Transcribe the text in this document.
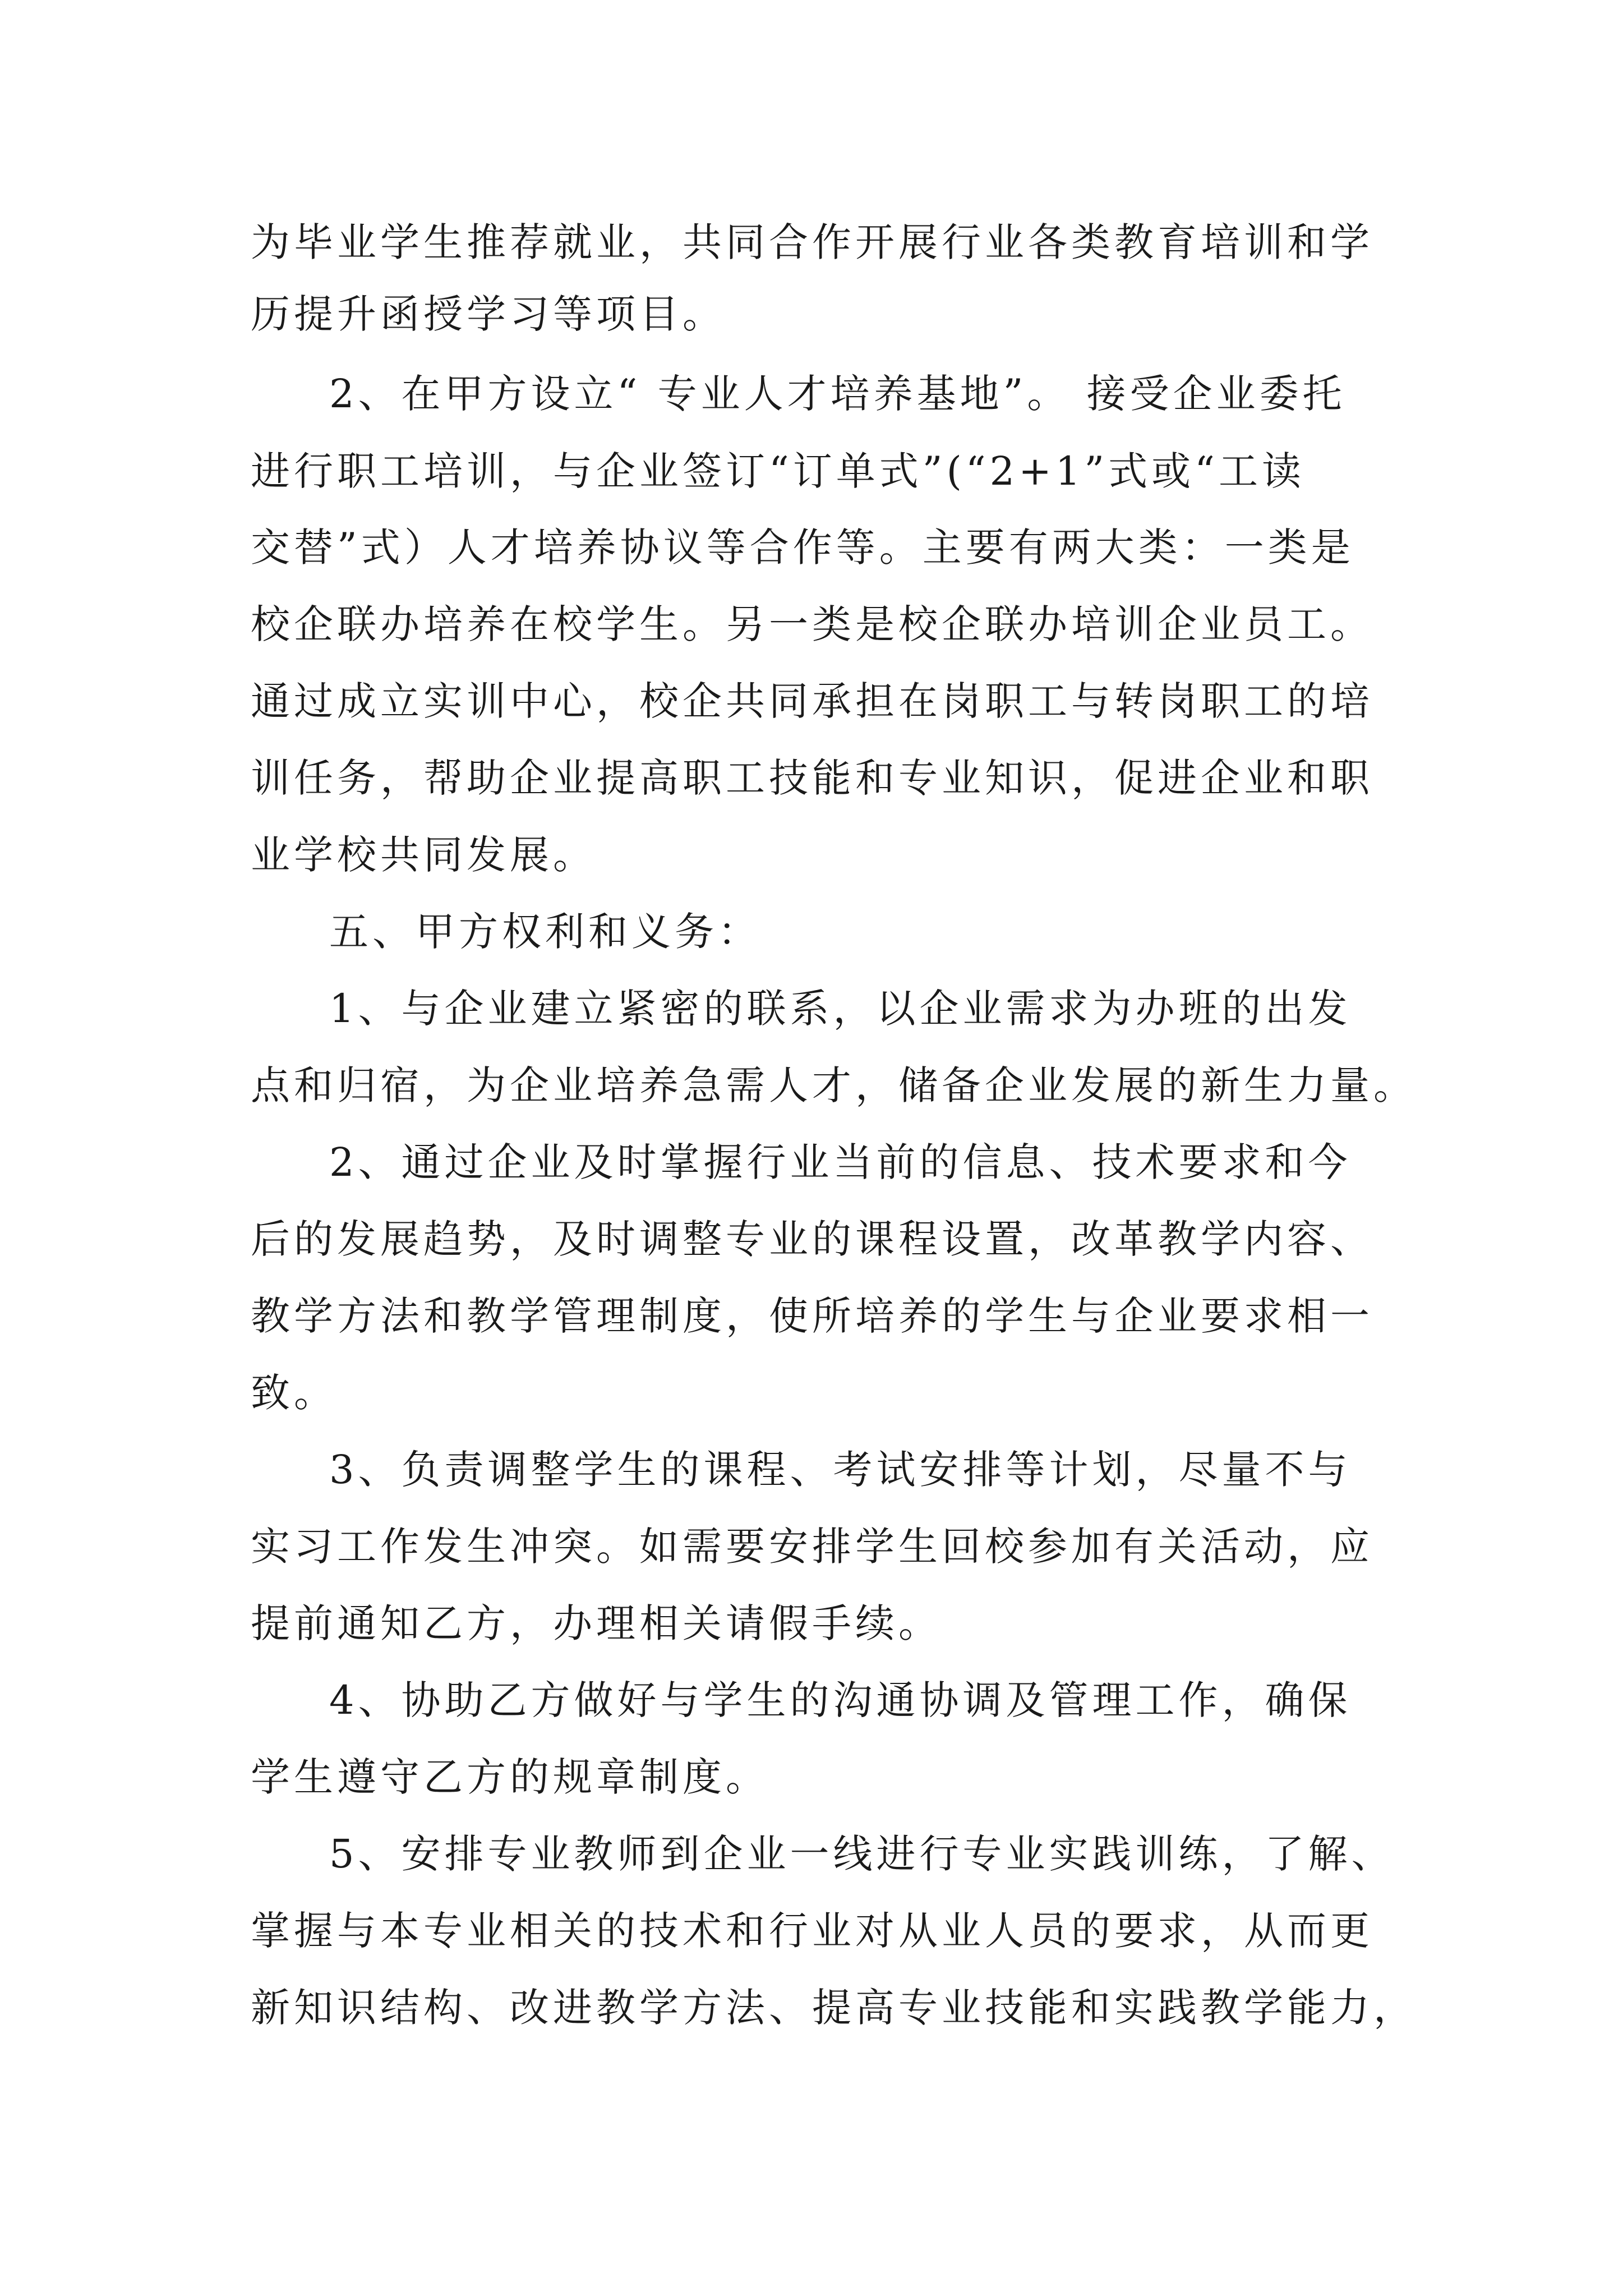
为毕业学生推荐就业，共同合作开展行业各类教育培训和学
历提升函授学习等项目。
2、在甲方设立“ 专业人才培养基地”。 接受企业委托
进行职工培训，与企业签订“订单式”(“2+1”式或“工读
交替”式）人才培养协议等合作等。主要有两大类：一类是
校企联办培养在校学生。另一类是校企联办培训企业员工。
通过成立实训中心，校企共同承担在岗职工与转岗职工的培
训任务，帮助企业提高职工技能和专业知识，促进企业和职
业学校共同发展。
五、甲方权利和义务：
1、与企业建立紧密的联系，以企业需求为办班的出发
点和归宿，为企业培养急需人才，储备企业发展的新生力量。
2、通过企业及时掌握行业当前的信息、技术要求和今
后的发展趋势，及时调整专业的课程设置，改革教学内容、
教学方法和教学管理制度，使所培养的学生与企业要求相一
致。
3、负责调整学生的课程、考试安排等计划，尽量不与
实习工作发生冲突。如需要安排学生回校参加有关活动，应
提前通知乙方，办理相关请假手续。
4、协助乙方做好与学生的沟通协调及管理工作，确保
学生遵守乙方的规章制度。
5、安排专业教师到企业一线进行专业实践训练，了解、
掌握与本专业相关的技术和行业对从业人员的要求，从而更
新知识结构、改进教学方法、提高专业技能和实践教学能力，
